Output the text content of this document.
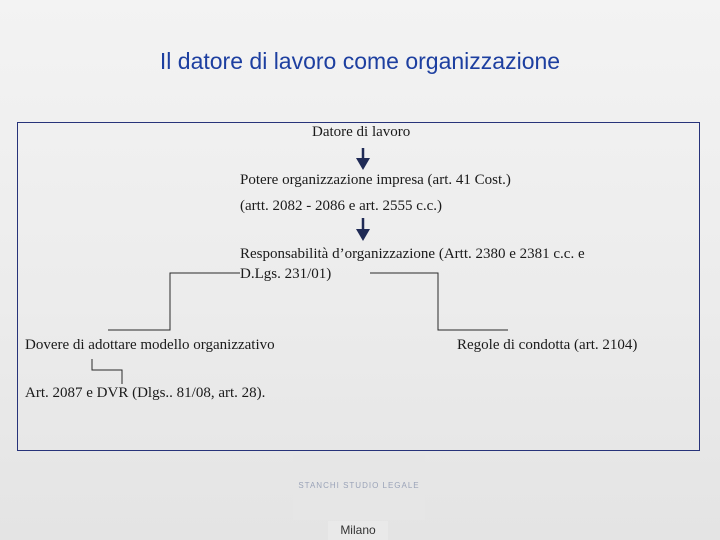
Il datore di lavoro come organizzazione
Datore di lavoro
Potere organizzazione impresa (art. 41 Cost.)
(artt. 2082 - 2086 e art. 2555 c.c.)
Responsabilità d’organizzazione (Artt. 2380 e 2381 c.c. e
D.Lgs. 231/01)
Dovere di adottare modello organizzativo	Regole di condotta (art. 2104)
Art. 2087 e DVR (Dlgs.. 81/08, art. 28).
STANCHI STUDIO LEGALE
Milano
